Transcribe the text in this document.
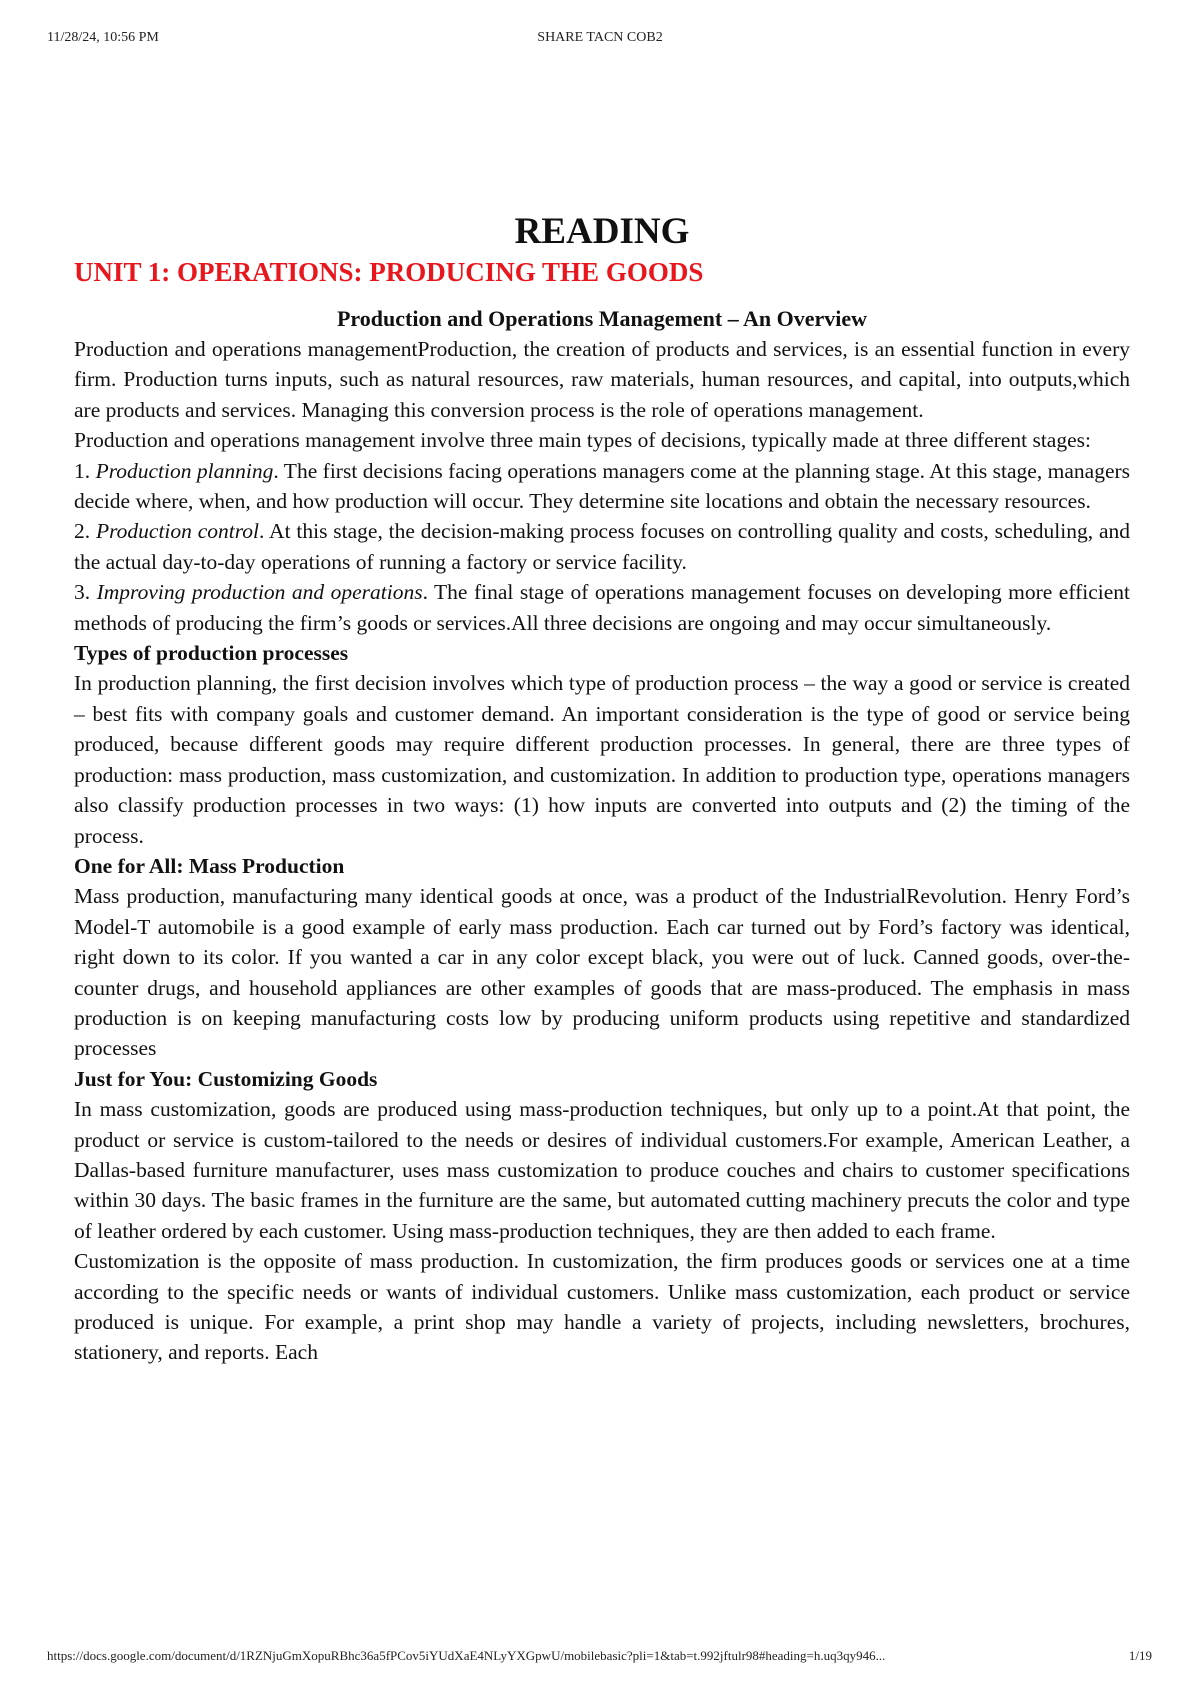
11/28/24, 10:56 PM	SHARE TACN COB2
READING
UNIT 1: OPERATIONS: PRODUCING THE GOODS
Production and Operations Management – An Overview

Production and operations managementProduction, the creation of products and services, is an essential function in every firm. Production turns inputs, such as natural resources, raw materials, human resources, and capital, into outputs,which are products and services. Managing this conversion process is the role of operations management.

Production and operations management involve three main types of decisions, typically made at three different stages:

1. Production planning. The first decisions facing operations managers come at the planning stage. At this stage, managers decide where, when, and how production will occur. They determine site locations and obtain the necessary resources.

2. Production control. At this stage, the decision-making process focuses on controlling quality and costs, scheduling, and the actual day-to-day operations of running a factory or service facility.

3. Improving production and operations. The final stage of operations management focuses on developing more efficient methods of producing the firm’s goods or services.All three decisions are ongoing and may occur simultaneously.

Types of production processes

In production planning, the first decision involves which type of production process – the way a good or service is created – best fits with company goals and customer demand. An important consideration is the type of good or service being produced, because different goods may require different production processes. In general, there are three types of production: mass production, mass customization, and customization. In addition to production type, operations managers also classify production processes in two ways: (1) how inputs are converted into outputs and (2) the timing of the process.

One for All: Mass Production

Mass production, manufacturing many identical goods at once, was a product of the IndustrialRevolution. Henry Ford’s Model-T automobile is a good example of early mass production. Each car turned out by Ford’s factory was identical, right down to its color. If you wanted a car in any color except black, you were out of luck. Canned goods, over-the-counter drugs, and household appliances are other examples of goods that are mass-produced. The emphasis in mass production is on keeping manufacturing costs low by producing uniform products using repetitive and standardized processes

Just for You: Customizing Goods

In mass customization, goods are produced using mass-production techniques, but only up to a point.At that point, the product or service is custom-tailored to the needs or desires of individual customers.For example, American Leather, a Dallas-based furniture manufacturer, uses mass customization to produce couches and chairs to customer specifications within 30 days. The basic frames in the furniture are the same, but automated cutting machinery precuts the color and type of leather ordered by each customer. Using mass-production techniques, they are then added to each frame.

Customization is the opposite of mass production. In customization, the firm produces goods or services one at a time according to the specific needs or wants of individual customers. Unlike mass customization, each product or service produced is unique. For example, a print shop may handle a variety of projects, including newsletters, brochures, stationery, and reports. Each

https://docs.google.com/document/d/1RZNjuGmXopuRBhc36a5fPCov5iYUdXaE4NLyYXGpwU/mobilebasic?pli=1&tab=t.992jftulr98#heading=h.uq3qy946...	1/19
